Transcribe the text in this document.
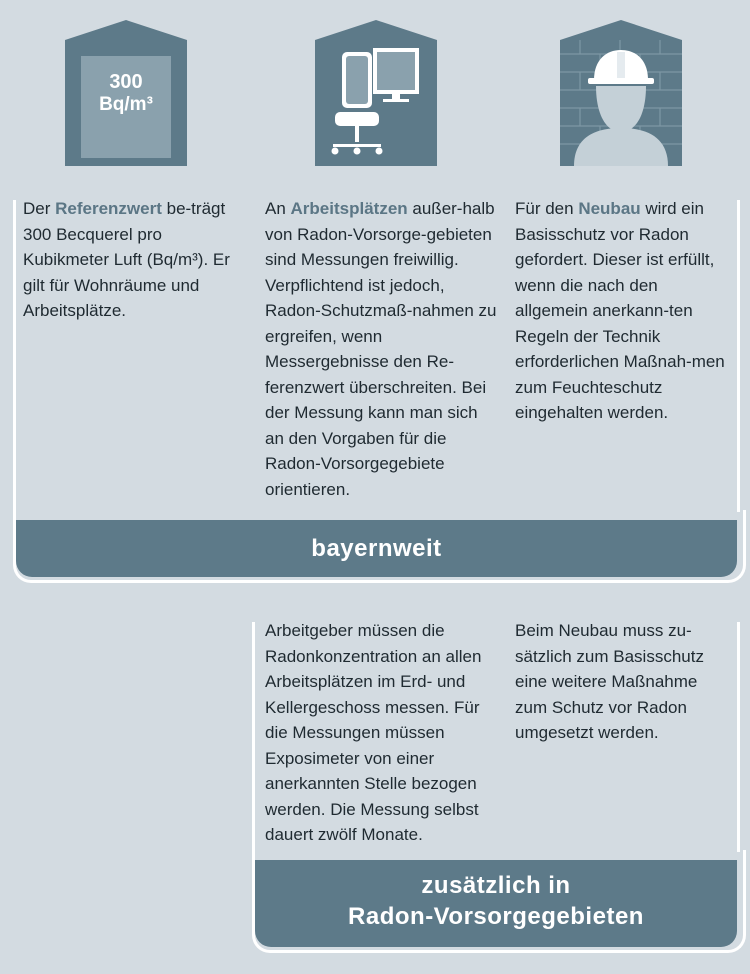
300
Bq/m³
Der Referenzwert be-trägt 300 Becquerel pro Kubikmeter Luft (Bq/m³). Er gilt für Wohnräume und Arbeitsplätze.
An Arbeitsplätzen außer-halb von Radon-Vorsorge-gebieten sind Messungen freiwillig. Verpflichtend ist jedoch, Radon-Schutzmaß-nahmen zu ergreifen, wenn Messergebnisse den Re-ferenzwert überschreiten. Bei der Messung kann man sich an den Vorgaben für die Radon-Vorsorgegebiete orientieren.
Für den Neubau wird ein Basisschutz vor Radon gefordert. Dieser ist erfüllt, wenn die nach den allgemein anerkann-ten Regeln der Technik erforderlichen Maßnah-men zum Feuchteschutz eingehalten werden.
bayernweit
Arbeitgeber müssen die Radonkonzentration an allen Arbeitsplätzen im Erd- und Kellergeschoss messen. Für die Messungen müssen Exposimeter von einer anerkannten Stelle bezogen werden. Die Messung selbst dauert zwölf Monate.
Beim Neubau muss zu-sätzlich zum Basisschutz eine weitere Maßnahme zum Schutz vor Radon umgesetzt werden.
zusätzlich in
Radon-Vorsorgegebieten
